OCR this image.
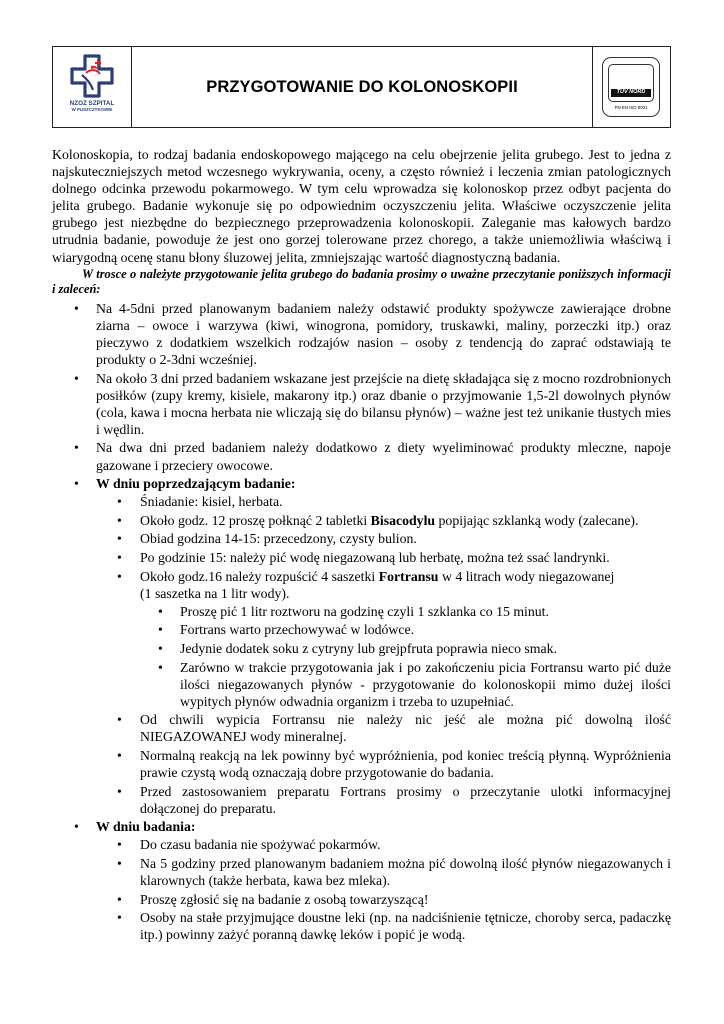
NZOZ SZPITAL
W PUSZCZYKOWIE
PRZYGOTOWANIE DO KOLONOSKOPII	TÜV NORD
PN-EN ISO 9001

Kolonoskopia, to rodzaj badania endoskopowego mającego na celu obejrzenie jelita grubego. Jest to jedna z najskuteczniejszych metod wczesnego wykrywania, oceny, a często również i leczenia zmian patologicznych dolnego odcinka przewodu pokarmowego. W tym celu wprowadza się kolonoskop przez odbyt pacjenta do jelita grubego. Badanie wykonuje się po odpowiednim oczyszczeniu jelita. Właściwe oczyszczenie jelita grubego jest niezbędne do bezpiecznego przeprowadzenia kolonoskopii. Zaleganie mas kałowych bardzo utrudnia badanie, powoduje że jest ono gorzej tolerowane przez chorego, a także uniemożliwia właściwą i wiarygodną ocenę stanu błony śluzowej jelita, zmniejszając wartość diagnostyczną badania.

W trosce o należyte przygotowanie jelita grubego do badania prosimy o uważne przeczytanie poniższych informacji i zaleceń:

• Na 4-5dni przed planowanym badaniem należy odstawić produkty spożywcze zawierające drobne ziarna – owoce i warzywa (kiwi, winogrona, pomidory, truskawki, maliny, porzeczki itp.) oraz pieczywo z dodatkiem wszelkich rodzajów nasion – osoby z tendencją do zaprać odstawiają te produkty o 2-3dni wcześniej.
• Na około 3 dni przed badaniem wskazane jest przejście na dietę składająca się z mocno rozdrobnionych posiłków (zupy kremy, kisiele, makarony itp.) oraz dbanie o przyjmowanie 1,5-2l dowolnych płynów (cola, kawa i mocna herbata nie wliczają się do bilansu płynów) – ważne jest też unikanie tłustych mies i wędlin.
• Na dwa dni przed badaniem należy dodatkowo z diety wyeliminować produkty mleczne, napoje gazowane i przeciery owocowe.
• W dniu poprzedzającym badanie:
• Śniadanie: kisiel, herbata.
• Około godz. 12 proszę połknąć 2 tabletki Bisacodylu popijając szklanką wody (zalecane).
• Obiad godzina 14-15: przecedzony, czysty bulion.
• Po godzinie 15: należy pić wodę niegazowaną lub herbatę, można też ssać landrynki.
• Około godz.16 należy rozpuścić 4 saszetki Fortransu w 4 litrach wody niegazowanej
(1 saszetka na 1 litr wody).
• Proszę pić 1 litr roztworu na godzinę czyli 1 szklanka co 15 minut.
• Fortrans warto przechowywać w lodówce.
• Jedynie dodatek soku z cytryny lub grejpfruta poprawia nieco smak.
• Zarówno w trakcie przygotowania jak i po zakończeniu picia Fortransu warto pić duże ilości niegazowanych płynów - przygotowanie do kolonoskopii mimo dużej ilości wypitych płynów odwadnia organizm i trzeba to uzupełniać.
• Od chwili wypicia Fortransu nie należy nic jeść ale można pić dowolną ilość NIEGAZOWANEJ wody mineralnej.
• Normalną reakcją na lek powinny być wypróżnienia, pod koniec treścią płynną. Wypróżnienia prawie czystą wodą oznaczają dobre przygotowanie do badania.
• Przed zastosowaniem preparatu Fortrans prosimy o przeczytanie ulotki informacyjnej dołączonej do preparatu.
• W dniu badania:
• Do czasu badania nie spożywać pokarmów.
• Na 5 godziny przed planowanym badaniem można pić dowolną ilość płynów niegazowanych i klarownych (także herbata, kawa bez mleka).
• Proszę zgłosić się na badanie z osobą towarzyszącą!
• Osoby na stałe przyjmujące doustne leki (np. na nadciśnienie tętnicze, choroby serca, padaczkę itp.) powinny zażyć poranną dawkę leków i popić je wodą.
